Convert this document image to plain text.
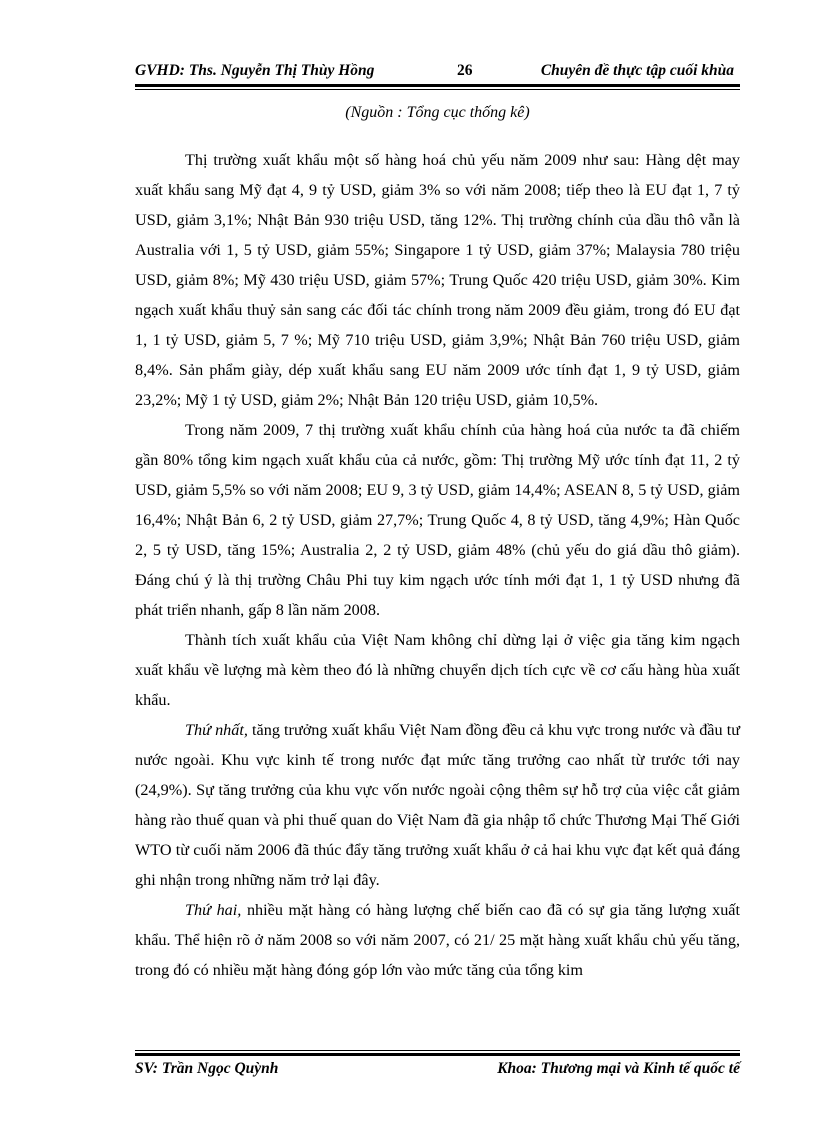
GVHD: Ths. Nguyễn Thị Thùy Hồng	26	Chuyên đề thực tập cuối khùa
(Nguồn : Tổng cục thống kê)

Thị trường xuất khẩu một số hàng hoá chủ yếu năm 2009 như sau: Hàng dệt may xuất khẩu sang Mỹ đạt 4, 9 tỷ USD, giảm 3% so với năm 2008; tiếp theo là EU đạt 1, 7 tỷ USD, giảm 3,1%; Nhật Bản 930 triệu USD, tăng 12%. Thị trường chính của dầu thô vẫn là Australia với 1, 5 tỷ USD, giảm 55%; Singapore 1 tỷ USD, giảm 37%; Malaysia 780 triệu USD, giảm 8%; Mỹ 430 triệu USD, giảm 57%; Trung Quốc 420 triệu USD, giảm 30%. Kim ngạch xuất khẩu thuỷ sản sang các đối tác chính trong năm 2009 đều giảm, trong đó EU đạt 1, 1 tỷ USD, giảm 5, 7 %; Mỹ 710 triệu USD, giảm 3,9%; Nhật Bản 760 triệu USD, giảm 8,4%. Sản phẩm giày, dép xuất khẩu sang EU năm 2009 ước tính đạt 1, 9 tỷ USD, giảm 23,2%; Mỹ 1 tỷ USD, giảm 2%; Nhật Bản 120 triệu USD, giảm 10,5%.

Trong năm 2009, 7 thị trường xuất khẩu chính của hàng hoá của nước ta đã chiếm gần 80% tổng kim ngạch xuất khẩu của cả nước, gồm: Thị trường Mỹ ước tính đạt 11, 2 tỷ USD, giảm 5,5% so với năm 2008; EU 9, 3 tỷ USD, giảm 14,4%; ASEAN 8, 5 tỷ USD, giảm 16,4%; Nhật Bản 6, 2 tỷ USD, giảm 27,7%; Trung Quốc 4, 8 tỷ USD, tăng 4,9%; Hàn Quốc 2, 5 tỷ USD, tăng 15%; Australia 2, 2 tỷ USD, giảm 48% (chủ yếu do giá dầu thô giảm). Đáng chú ý là thị trường Châu Phi tuy kim ngạch ước tính mới đạt 1, 1 tỷ USD nhưng đã phát triển nhanh, gấp 8 lần năm 2008.

Thành tích xuất khẩu của Việt Nam không chỉ dừng lại ở việc gia tăng kim ngạch xuất khẩu về lượng mà kèm theo đó là những chuyển dịch tích cực về cơ cấu hàng hùa xuất khẩu.

Thứ nhất, tăng trưởng xuất khẩu Việt Nam đồng đều cả khu vực trong nước và đầu tư nước ngoài. Khu vực kinh tế trong nước đạt mức tăng trưởng cao nhất từ trước tới nay (24,9%). Sự tăng trưởng của khu vực vốn nước ngoài cộng thêm sự hỗ trợ của việc cắt giảm hàng rào thuế quan và phi thuế quan do Việt Nam đã gia nhập tổ chức Thương Mại Thế Giới WTO từ cuối năm 2006 đã thúc đẩy tăng trưởng xuất khẩu ở cả hai khu vực đạt kết quả đáng ghi nhận trong những năm trở lại đây.

Thứ hai, nhiều mặt hàng có hàng lượng chế biến cao đã có sự gia tăng lượng xuất khẩu. Thể hiện rõ ở năm 2008 so với năm 2007, có 21/ 25 mặt hàng xuất khẩu chủ yếu tăng, trong đó có nhiều mặt hàng đóng góp lớn vào mức tăng của tổng kim

SV: Trần Ngọc Quỳnh	Khoa: Thương mại và Kinh tế quốc tế
